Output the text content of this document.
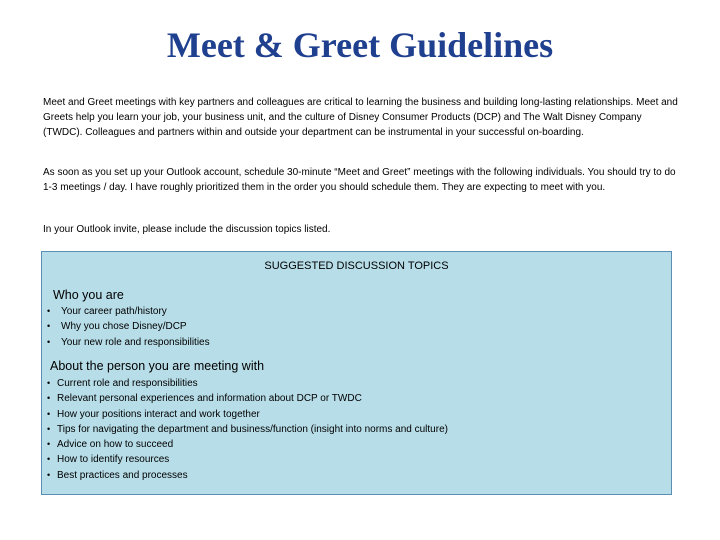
Meet & Greet Guidelines

Meet and Greet meetings with key partners and colleagues are critical to learning the business and building long-lasting relationships. Meet and Greets help you learn your job, your business unit, and the culture of Disney Consumer Products (DCP) and The Walt Disney Company (TWDC). Colleagues and partners within and outside your department can be instrumental in your successful on-boarding.

As soon as you set up your Outlook account, schedule 30-minute “Meet and Greet” meetings with the following individuals. You should try to do 1-3 meetings / day. I have roughly prioritized them in the order you should schedule them. They are expecting to meet with you.

In your Outlook invite, please include the discussion topics listed.

SUGGESTED DISCUSSION TOPICS

Who you are

• Your career path/history
• Why you chose Disney/DCP
• Your new role and responsibilities

About the person you are meeting with

• Current role and responsibilities
• Relevant personal experiences and information about DCP or TWDC
• How your positions interact and work together
• Tips for navigating the department and business/function (insight into norms and culture)
• Advice on how to succeed
• How to identify resources
• Best practices and processes
